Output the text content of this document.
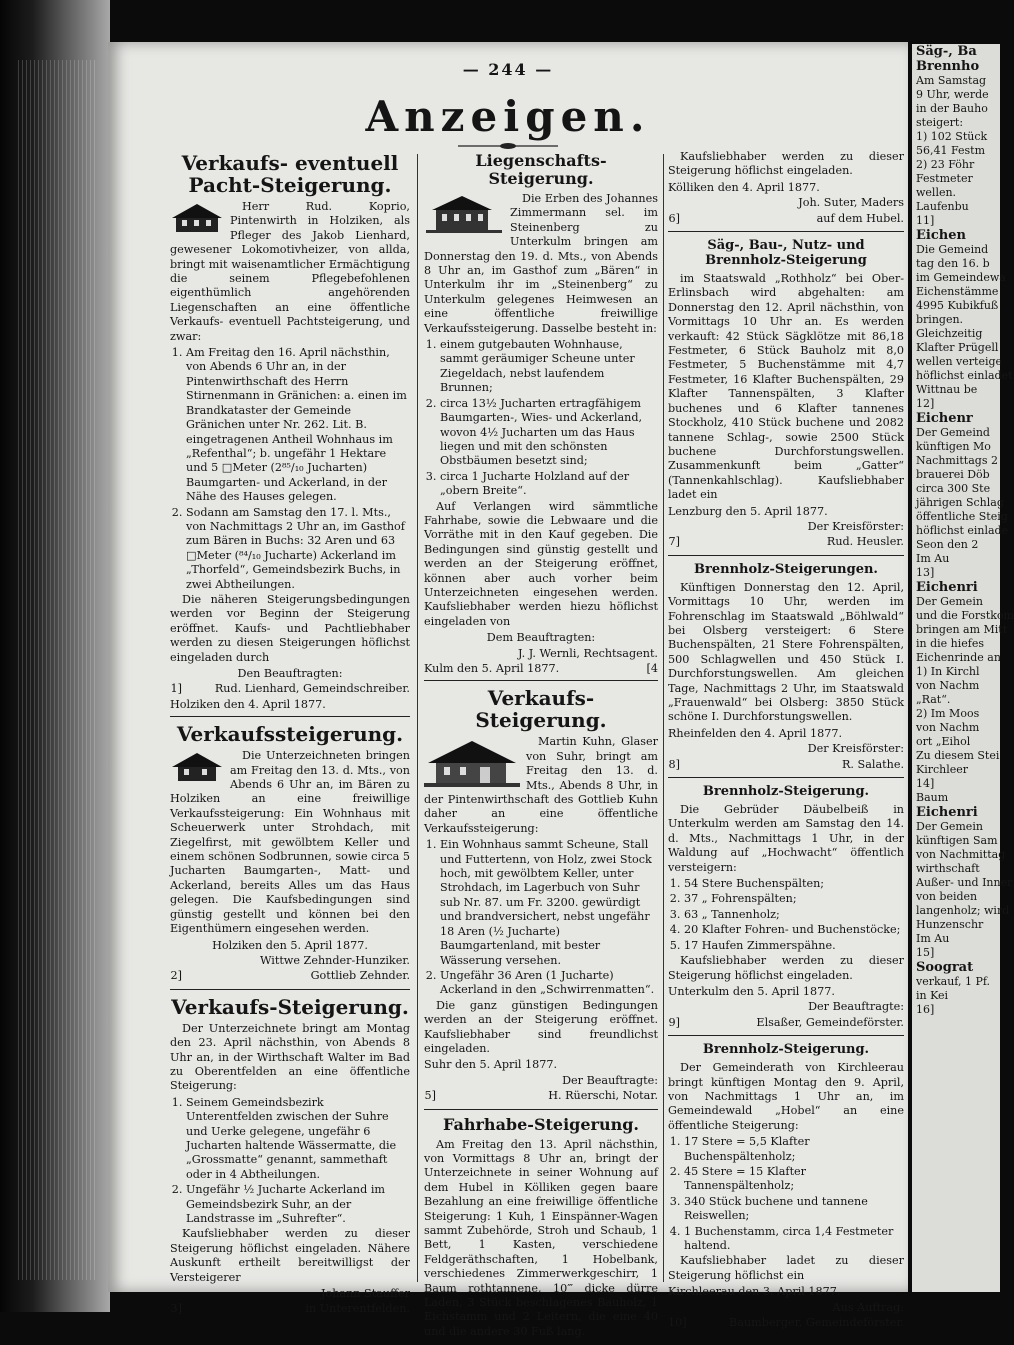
— 244 —
Anzeigen.
Verkaufs- eventuell Pacht-Steigerung.

Herr Rud. Koprio, Pintenwirth in Holziken, als Pfleger des Jakob Lienhard, gewesener Lokomotivheizer, von allda, bringt mit waisenamtlicher Ermächtigung die seinem Pflegebefohlenen eigenthümlich angehörenden Liegenschaften an eine öffentliche Verkaufs- eventuell Pachtsteigerung, und zwar:

1. Am Freitag den 16. April nächsthin, von Abends 6 Uhr an, in der Pintenwirthschaft des Herrn Stirnenmann in Gränichen: a. einen im Brandkataster der Gemeinde Gränichen unter Nr. 262. Lit. B. eingetragenen Antheil Wohnhaus im „Refenthal“; b. ungefähr 1 Hektare und 5 □Meter (2⁸⁵/₁₀ Jucharten) Baumgarten- und Ackerland, in der Nähe des Hauses gelegen.
2. Sodann am Samstag den 17. l. Mts., von Nachmittags 2 Uhr an, im Gasthof zum Bären in Buchs: 32 Aren und 63 □Meter (⁸⁴/₁₀ Jucharte) Ackerland im „Thorfeld“, Gemeindsbezirk Buchs, in zwei Abtheilungen.

Die näheren Steigerungsbedingungen werden vor Beginn der Steigerung eröffnet. Kaufs- und Pachtliebhaber werden zu diesen Steigerungen höflichst eingeladen durch

Den Beauftragten:
1]	Rud. Lienhard, Gemeindschreiber.
Holziken den 4. April 1877.
Verkaufssteigerung.

Die Unterzeichneten bringen am Freitag den 13. d. Mts., von Abends 6 Uhr an, im Bären zu Holziken an eine freiwillige Verkaufssteigerung: Ein Wohnhaus mit Scheuerwerk unter Strohdach, mit Ziegelfirst, mit gewölbtem Keller und einem schönen Sodbrunnen, sowie circa 5 Jucharten Baumgarten-, Matt- und Ackerland, bereits Alles um das Haus gelegen. Die Kaufsbedingungen sind günstig gestellt und können bei den Eigenthümern eingesehen werden.

Holziken den 5. April 1877.
Wittwe Zehnder-Hunziker.
2]	Gottlieb Zehnder.
Verkaufs-Steigerung.

Der Unterzeichnete bringt am Montag den 23. April nächsthin, von Abends 8 Uhr an, in der Wirthschaft Walter im Bad zu Oberentfelden an eine öffentliche Steigerung:

1. Seinem Gemeindsbezirk Unterentfelden zwischen der Suhre und Uerke gelegene, ungefähr 6 Jucharten haltende Wässermatte, die „Grossmatte“ genannt, sammethaft oder in 4 Abtheilungen.
2. Ungefähr ½ Jucharte Ackerland im Gemeindsbezirk Suhr, an der Landstrasse im „Suhrefter“.

Kaufsliebhaber werden zu dieser Steigerung höflichst eingeladen. Nähere Auskunft ertheilt bereitwilligst der Versteigerer

Johann Stauffer
3]	in Unterentfelden.
Liegenschafts-Steigerung.

Die Erben des Johannes Zimmermann sel. im Steinenberg zu Unterkulm bringen am Donnerstag den 19. d. Mts., von Abends 8 Uhr an, im Gasthof zum „Bären“ in Unterkulm ihr im „Steinenberg“ zu Unterkulm gelegenes Heimwesen an eine öffentliche freiwillige Verkaufssteigerung. Dasselbe besteht in:

1. einem gutgebauten Wohnhause, sammt geräumiger Scheune unter Ziegeldach, nebst laufendem Brunnen;
2. circa 13½ Jucharten ertragfähigem Baumgarten-, Wies- und Ackerland, wovon 4½ Jucharten um das Haus liegen und mit den schönsten Obstbäumen besetzt sind;
3. circa 1 Jucharte Holzland auf der „obern Breite“.

Auf Verlangen wird sämmtliche Fahrhabe, sowie die Lebwaare und die Vorräthe mit in den Kauf gegeben. Die Bedingungen sind günstig gestellt und werden an der Steigerung eröffnet, können aber auch vorher beim Unterzeichneten eingesehen werden. Kaufsliebhaber werden hiezu höflichst eingeladen von

Dem Beauftragten:
J. J. Wernli, Rechtsagent.
Kulm den 5. April 1877.	[4
Verkaufs-Steigerung.

Martin Kuhn, Glaser von Suhr, bringt am Freitag den 13. d. Mts., Abends 8 Uhr, in der Pintenwirthschaft des Gottlieb Kuhn daher an eine öffentliche Verkaufssteigerung:

1. Ein Wohnhaus sammt Scheune, Stall und Futtertenn, von Holz, zwei Stock hoch, mit gewölbtem Keller, unter Strohdach, im Lagerbuch von Suhr sub Nr. 87. um Fr. 3200. gewürdigt und brandversichert, nebst ungefähr 18 Aren (½ Jucharte) Baumgartenland, mit bester Wässerung versehen.
2. Ungefähr 36 Aren (1 Jucharte) Ackerland in den „Schwirrenmatten“.

Die ganz günstigen Bedingungen werden an der Steigerung eröffnet. Kaufsliebhaber sind freundlichst eingeladen.

Suhr den 5. April 1877.
Der Beauftragte:
5]	H. Rüerschi, Notar.
Fahrhabe-Steigerung.

Am Freitag den 13. April nächsthin, von Vormittags 8 Uhr an, bringt der Unterzeichnete in seiner Wohnung auf dem Hubel in Kölliken gegen baare Bezahlung an eine freiwillige öffentliche Steigerung: 1 Kuh, 1 Einspänner-Wagen sammt Zubehörde, Stroh und Schaub, 1 Bett, 1 Kasten, verschiedene Feldgeräthschaften, 1 Hobelbank, verschiedenes Zimmerwerkgeschirr, 1 Baum rothtannene, 10‴ dicke dürre Laden, 3 Stück beschlagenes Bauholz, 1 Eichstamm und 2 Leitern, die eine 40 und die andere 30 Fuß lang.

Kaufsliebhaber werden zu dieser Steigerung höflichst eingeladen.

Kölliken den 4. April 1877.
Joh. Suter, Maders
6]	auf dem Hubel.
Säg-, Bau-, Nutz- und Brennholz-Steigerung

im Staatswald „Rothholz“ bei Ober-Erlinsbach wird abgehalten: am Donnerstag den 12. April nächsthin, von Vormittags 10 Uhr an. Es werden verkauft: 42 Stück Sägklötze mit 86,18 Festmeter, 6 Stück Bauholz mit 8,0 Festmeter, 5 Buchenstämme mit 4,7 Festmeter, 16 Klafter Buchenspälten, 29 Klafter Tannenspälten, 3 Klafter buchenes und 6 Klafter tannenes Stockholz, 410 Stück buchene und 2082 tannene Schlag-, sowie 2500 Stück buchene Durchforstungswellen. Zusammenkunft beim „Gatter“ (Tannenkahlschlag). Kaufsliebhaber ladet ein

Lenzburg den 5. April 1877.
Der Kreisförster:
7]	Rud. Heusler.
Brennholz-Steigerungen.

Künftigen Donnerstag den 12. April, Vormittags 10 Uhr, werden im Fohrenschlag im Staatswald „Böhlwald“ bei Olsberg versteigert: 6 Stere Buchenspälten, 21 Stere Fohrenspälten, 500 Schlagwellen und 450 Stück I. Durchforstungswellen. Am gleichen Tage, Nachmittags 2 Uhr, im Staatswald „Frauenwald“ bei Olsberg: 3850 Stück schöne I. Durchforstungswellen.

Rheinfelden den 4. April 1877.
Der Kreisförster:
8]	R. Salathe.
Brennholz-Steigerung.

Die Gebrüder Däubelbeiß in Unterkulm werden am Samstag den 14. d. Mts., Nachmittags 1 Uhr, in der Waldung auf „Hochwacht“ öffentlich versteigern:

1. 54 Stere Buchenspälten;
2. 37 „ Fohrenspälten;
3. 63 „ Tannenholz;
4. 20 Klafter Fohren- und Buchenstöcke;
5. 17 Haufen Zimmerspähne.

Kaufsliebhaber werden zu dieser Steigerung höflichst eingeladen.

Unterkulm den 5. April 1877.
Der Beauftragte:
9]	Elsaßer, Gemeindeförster.
Brennholz-Steigerung.

Der Gemeinderath von Kirchleerau bringt künftigen Montag den 9. April, von Nachmittags 1 Uhr an, im Gemeindewald „Hobel“ an eine öffentliche Steigerung:

1. 17 Stere = 5,5 Klafter Buchenspältenholz;
2. 45 Stere = 15 Klafter Tannenspältenholz;
3. 340 Stück buchene und tannene Reiswellen;
4. 1 Buchenstamm, circa 1,4 Festmeter haltend.

Kaufsliebhaber ladet zu dieser Steigerung höflichst ein

Kirchleerau den 3. April 1877.
Aus Auftrag:
10]	Baumberger, Gemeindeförster.
Säg-, Ba
Brennho
Am Samstag
9 Uhr, werde
in der Bauho
steigert:
1) 102 Stück
56,41 Festm
2) 23 Föhr
Festmeter
wellen.
Laufenbu
11]
Eichen
Die Gemeind
tag den 16. b
im Gemeindewa
Eichenstämme
4995 Kubikfuß
bringen.
Gleichzeitig
Klafter Prügell
wellen verteige
höflichst einladet
Wittnau be
12]
Eichenr
Der Gemeind
künftigen Mo
Nachmittags 2
brauerei Döb
circa 300 Ste
jährigen Schlag
öffentliche Steig
höflichst einlade
Seon den 2
Im Au
13]
Eichenri
Der Gemein
und die Forstkom
bringen am Mitt
in die hiefes
Eichenrinde an
1) In Kirchl
von Nachm
„Rat“.
2) Im Moos
von Nachm
ort „Eihol
Zu diesem Stei
Kirchleer
14]
Baum
Eichenri
Der Gemein
künftigen Sam
von Nachmittag
wirthschaft
Außer- und Inner
von beiden
langenholz; wird
Hunzenschr
Im Au
15]
Soograt
verkauf, 1 Pf.
in Kei
16]
